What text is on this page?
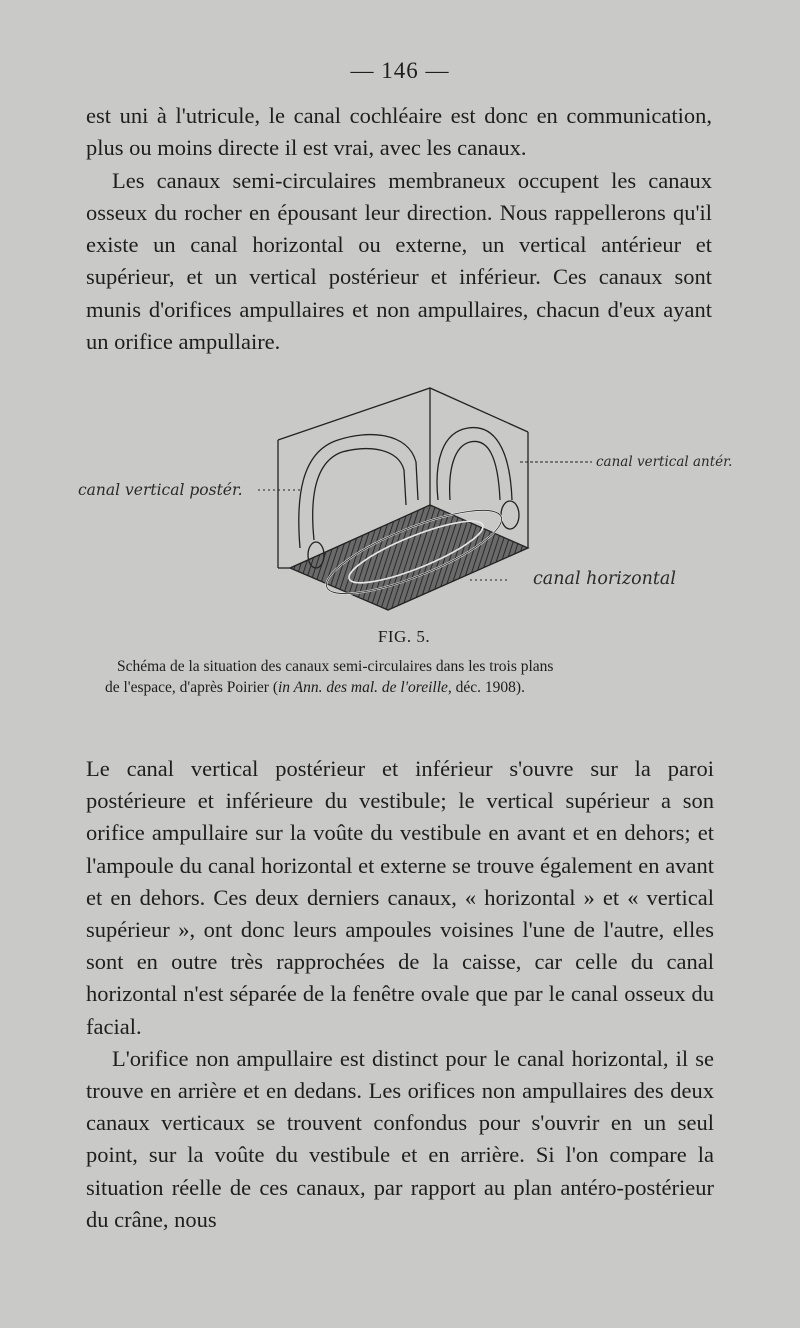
— 146 —
est uni à l'utricule, le canal cochléaire est donc en communication, plus ou moins directe il est vrai, avec les canaux.
Les canaux semi-circulaires membraneux occupent les canaux osseux du rocher en épousant leur direction. Nous rappellerons qu'il existe un canal horizontal ou externe, un vertical antérieur et supérieur, et un vertical postérieur et inférieur. Ces canaux sont munis d'orifices ampullaires et non ampullaires, chacun d'eux ayant un orifice ampullaire.
canal vertical postér.
canal vertical antér.
canal horizontal
FIG. 5.

Schéma de la situation des canaux semi-circulaires dans les trois plans
de l'espace, d'après Poirier (in Ann. des mal. de l'oreille, déc. 1908).

Le canal vertical postérieur et inférieur s'ouvre sur la paroi postérieure et inférieure du vestibule; le vertical supérieur a son orifice ampullaire sur la voûte du vestibule en avant et en dehors; et l'ampoule du canal horizontal et externe se trouve également en avant et en dehors. Ces deux derniers canaux, « horizontal » et « vertical supérieur », ont donc leurs ampoules voisines l'une de l'autre, elles sont en outre très rapprochées de la caisse, car celle du canal horizontal n'est séparée de la fenêtre ovale que par le canal osseux du facial.
L'orifice non ampullaire est distinct pour le canal horizontal, il se trouve en arrière et en dedans. Les orifices non ampullaires des deux canaux verticaux se trouvent confondus pour s'ouvrir en un seul point, sur la voûte du vestibule et en arrière. Si l'on compare la situation réelle de ces canaux, par rapport au plan antéro-postérieur du crâne, nous
